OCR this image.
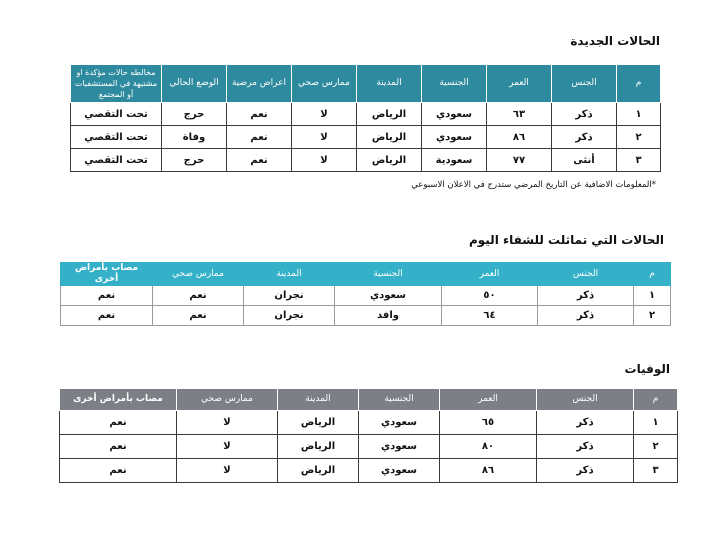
الحالات الجديدة
م	الجنس	العمر	الجنسية	المدينة	ممارس صحي	اعراض مرضية	الوضع الحالي	مخالطه حالات مؤكدة او مشتبهة في المستشفيات أو المجتمع
١	ذكر	٦٣	سعودي	الرياض	لا	نعم	حرج	تحت التقصي
٢	ذكر	٨٦	سعودي	الرياض	لا	نعم	وفاة	تحت التقصي
٣	أنثى	٧٧	سعودية	الرياض	لا	نعم	حرج	تحت التقصي
*المعلومات الاضافية عن التاريخ المرضي ستدرج في الاعلان الاسبوعي
الحالات التي تماثلت للشفاء اليوم
م	الجنس	العمر	الجنسية	المدينة	ممارس صحي	مصاب بأمراض أخرى
١	ذكر	٥٠	سعودي	نجران	نعم	نعم
٢	ذكر	٦٤	وافد	نجران	نعم	نعم
الوفيات
م	الجنس	العمر	الجنسية	المدينة	ممارس صحي	مصاب بأمراض أخرى
١	ذكر	٦٥	سعودي	الرياض	لا	نعم
٢	ذكر	٨٠	سعودي	الرياض	لا	نعم
٣	ذكر	٨٦	سعودي	الرياض	لا	نعم
